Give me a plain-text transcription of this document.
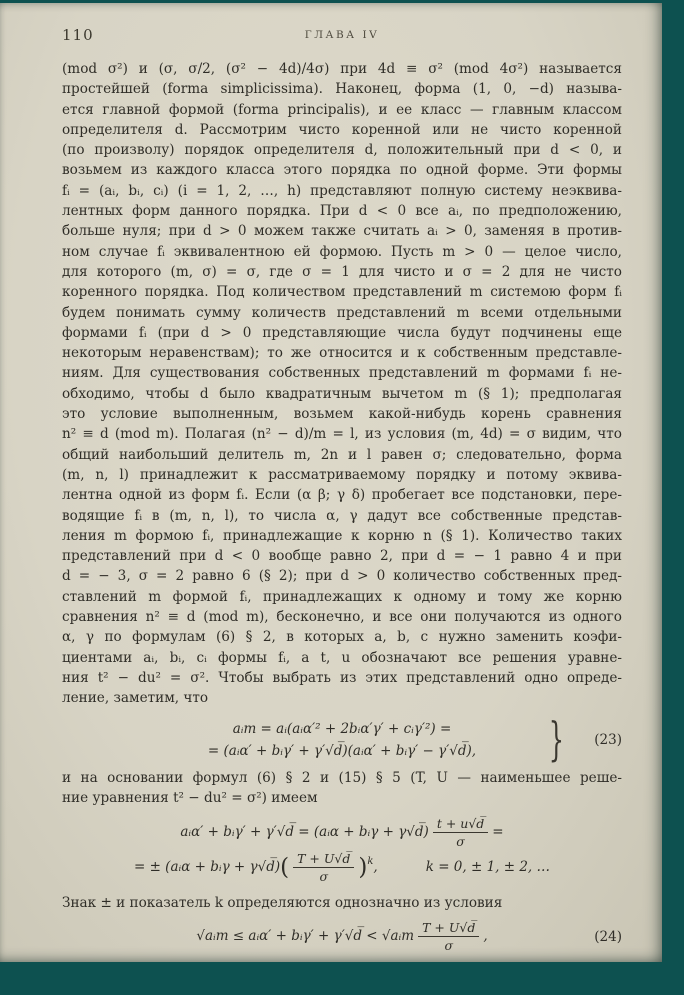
110	ГЛАВА IV
(mod σ²) и (σ, σ/2, (σ² − 4d)/4σ) при 4d ≡ σ² (mod 4σ²) называется
простейшей (forma simplicissima). Наконец, форма (1, 0, −d) называ-
ется главной формой (forma principalis), и ее класс — главным классом
определителя d. Рассмотрим чисто коренной или не чисто коренной
(по произволу) порядок определителя d, положительный при d < 0, и
возьмем из каждого класса этого порядка по одной форме. Эти формы
fᵢ = (aᵢ, bᵢ, cᵢ) (i = 1, 2, …, h) представляют полную систему неэквива-
лентных форм данного порядка. При d < 0 все aᵢ, по предположению,
больше нуля; при d > 0 можем также считать aᵢ > 0, заменяя в против-
ном случае fᵢ эквивалентною ей формою. Пусть m > 0 — целое число,
для которого (m, σ) = σ, где σ = 1 для чисто и σ = 2 для не чисто
коренного порядка. Под количеством представлений m системою форм fᵢ
будем понимать сумму количеств представлений m всеми отдельными
формами fᵢ (при d > 0 представляющие числа будут подчинены еще
некоторым неравенствам); то же относится и к собственным представле-
ниям. Для существования собственных представлений m формами fᵢ не-
обходимо, чтобы d было квадратичным вычетом m (§ 1); предполагая
это условие выполненным, возьмем какой-нибудь корень сравнения
n² ≡ d (mod m). Полагая (n² − d)/m = l, из условия (m, 4d) = σ видим, что
общий наибольший делитель m, 2n и l равен σ; следовательно, форма
(m, n, l) принадлежит к рассматриваемому порядку и потому эквива-
лентна одной из форм fᵢ. Если (α β; γ δ) пробегает все подстановки, пере-
водящие fᵢ в (m, n, l), то числа α, γ дадут все собственные представ-
ления m формою fᵢ, принадлежащие к корню n (§ 1). Количество таких
представлений при d < 0 вообще равно 2, при d = − 1 равно 4 и при
d = − 3, σ = 2 равно 6 (§ 2); при d > 0 количество собственных пред-
ставлений m формой fᵢ, принадлежащих к одному и тому же корню
сравнения n² ≡ d (mod m), бесконечно, и все они получаются из одного
α, γ по формулам (6) § 2, в которых a, b, c нужно заменить коэфи-
циентами aᵢ, bᵢ, cᵢ формы fᵢ, а t, u обозначают все решения уравне-
ния t² − du² = σ². Чтобы выбрать из этих представлений одно опреде-
ление, заметим, что
aᵢm = aᵢ(aᵢα′² + 2bᵢα′γ′ + cᵢγ′²) =
= (aᵢα′ + bᵢγ′ + γ′√d̅)(aᵢα′ + bᵢγ′ − γ′√d̅),	} (23)
и на основании формул (6) § 2 и (15) § 5 (T, U — наименьшее реше-
ние уравнения t² − du² = σ²) имеем
aᵢα′ + bᵢγ′ + γ′√d̅ = (aᵢα + bᵢγ + γ√d̅) $\frac{t + u√d̅}{\sigma}$ =
= ± (aᵢα + bᵢγ + γ√d̅)( $\frac{T + U√d̅}{\sigma} )^k$,	k = 0, ± 1, ± 2, …
Знак ± и показатель k определяются однозначно из условия
√aᵢm ≤ aᵢα′ + bᵢγ′ + γ′√d̅ < √aᵢm $\frac{T + U√d̅}{\sigma}$ ,	(24)
